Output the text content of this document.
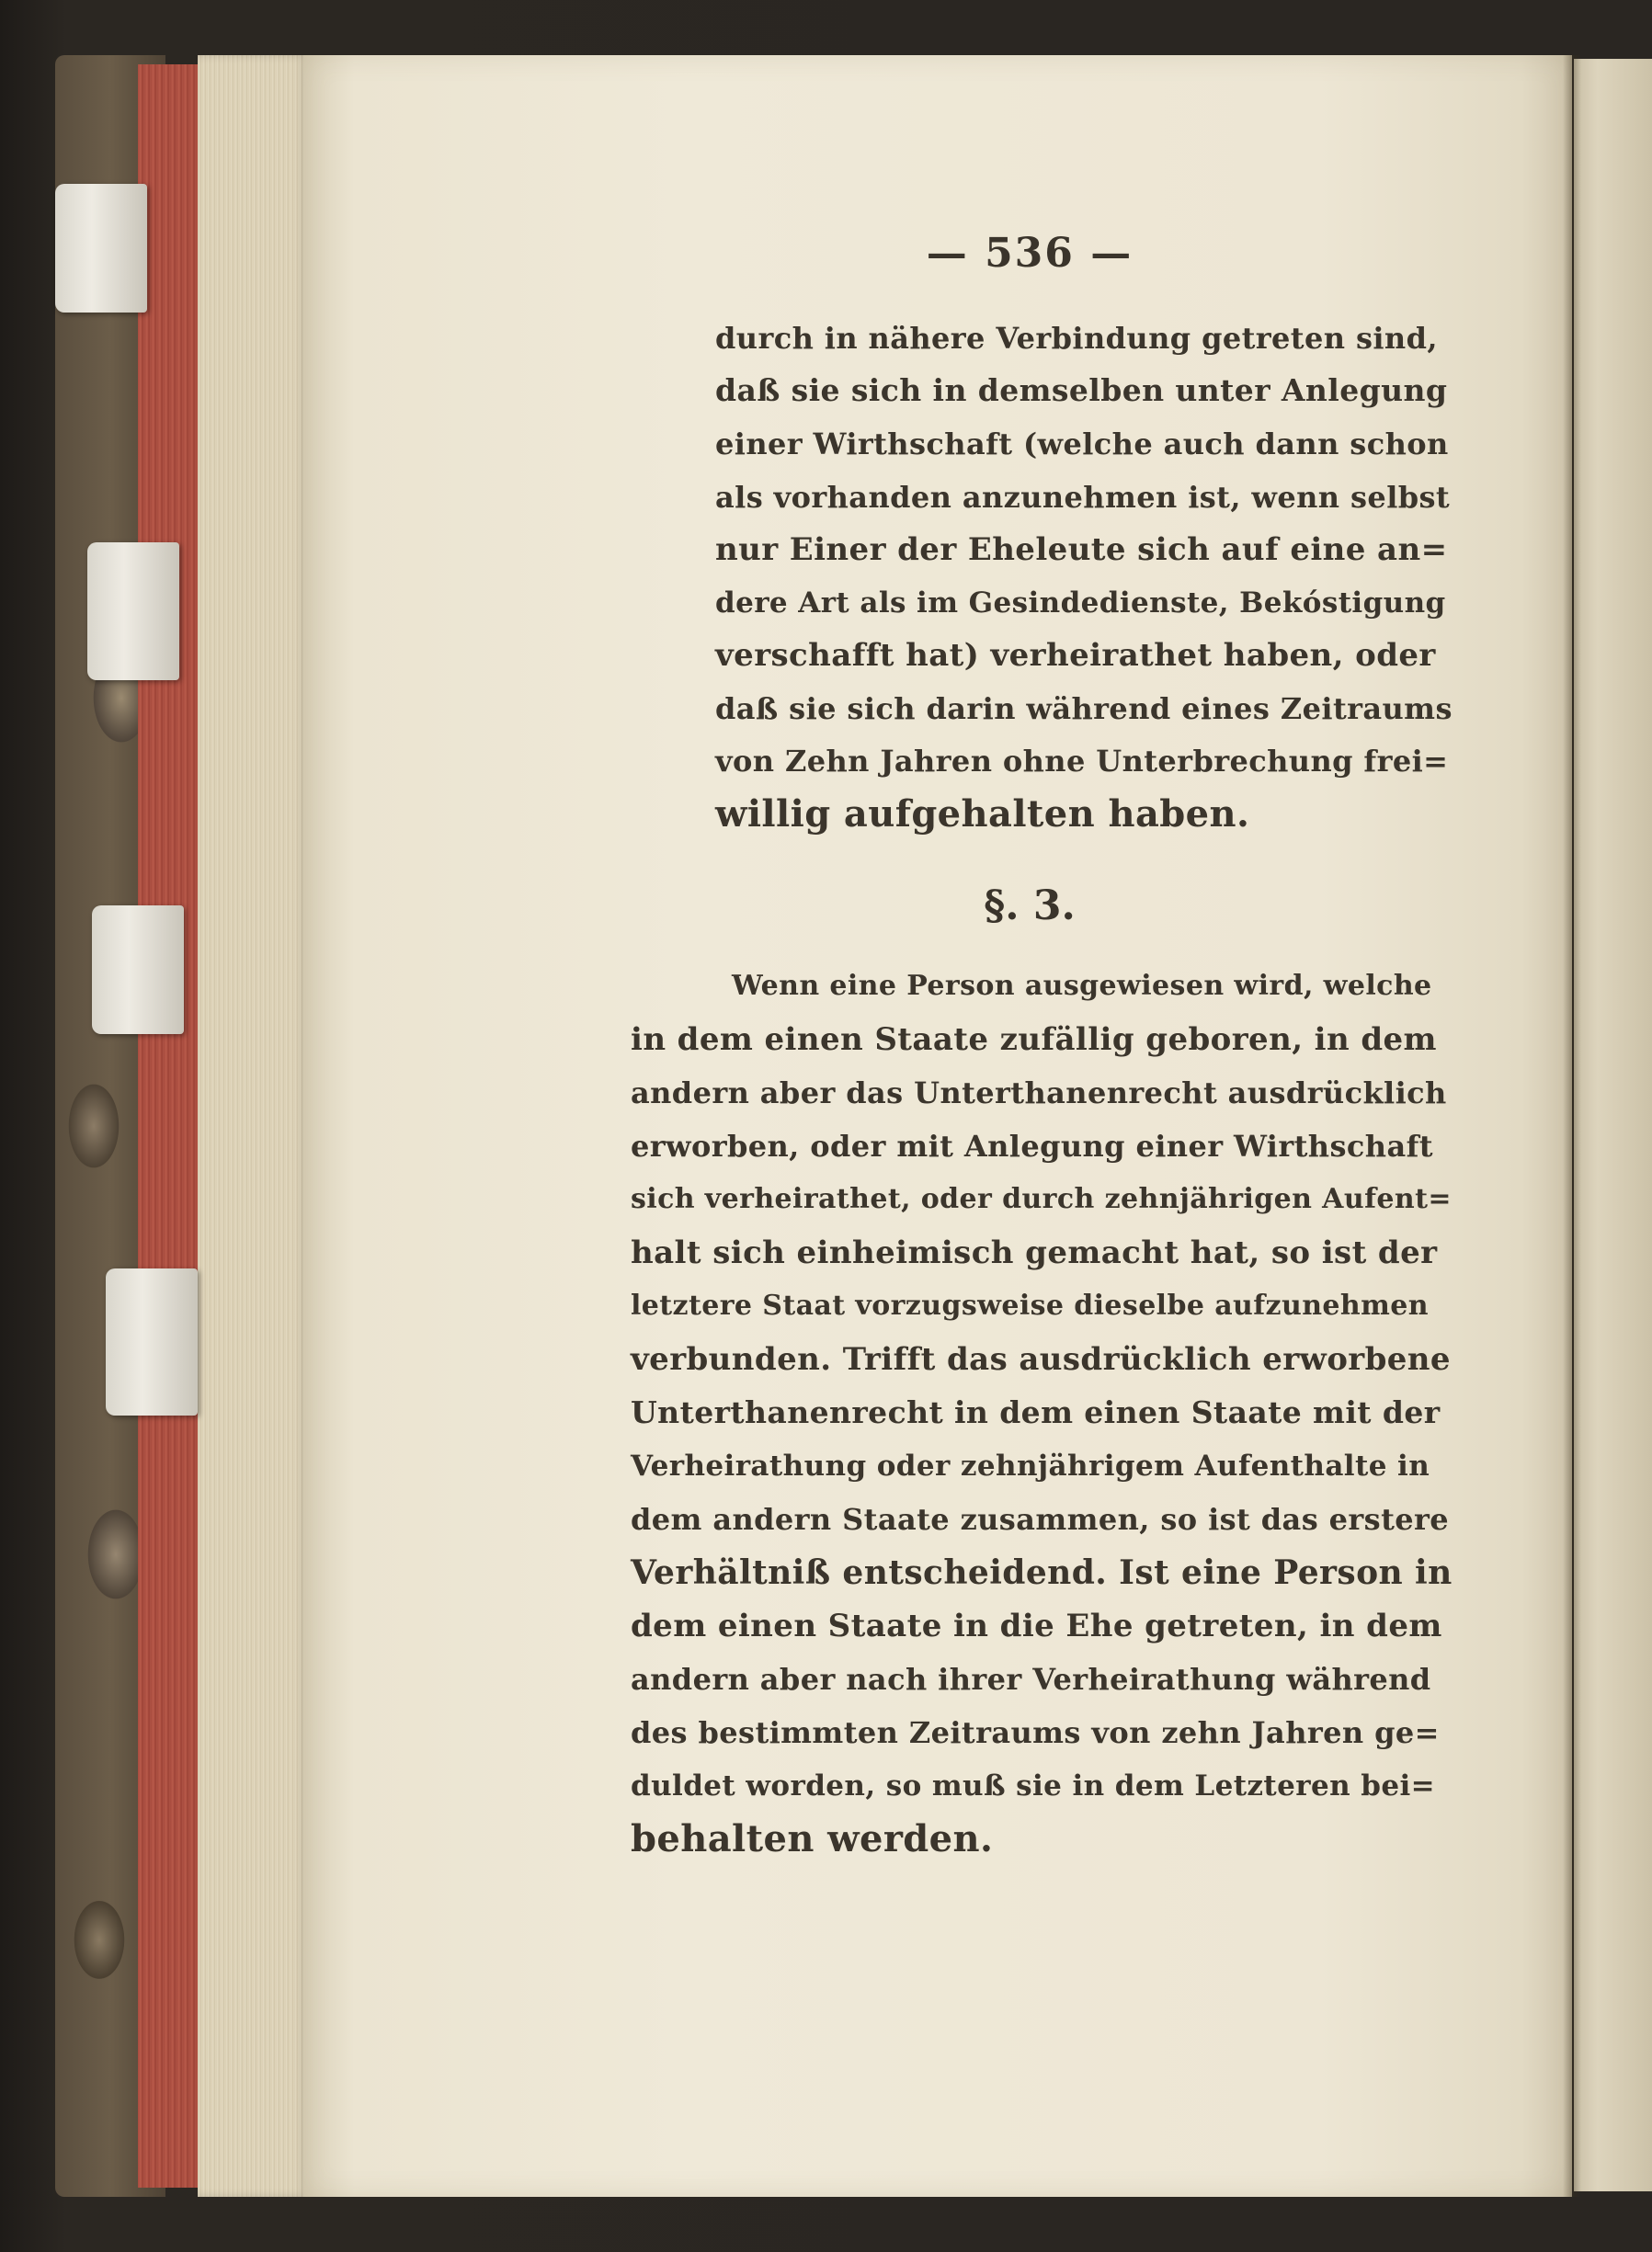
— 536 —
durch in nähere Verbindung getreten sind,
daß sie sich in demselben unter Anlegung
einer Wirthschaft (welche auch dann schon
als vorhanden anzunehmen ist, wenn selbst
nur Einer der Eheleute sich auf eine an=
dere Art als im Gesindedienste, Bekóstigung
verschafft hat) verheirathet haben, oder
daß sie sich darin während eines Zeitraums
von Zehn Jahren ohne Unterbrechung frei=
willig aufgehalten haben.
§. 3.
Wenn eine Person ausgewiesen wird, welche
in dem einen Staate zufällig geboren, in dem
andern aber das Unterthanenrecht ausdrücklich
erworben, oder mit Anlegung einer Wirthschaft
sich verheirathet, oder durch zehnjährigen Aufent=
halt sich einheimisch gemacht hat, so ist der
letztere Staat vorzugsweise dieselbe aufzunehmen
verbunden. Trifft das ausdrücklich erworbene
Unterthanenrecht in dem einen Staate mit der
Verheirathung oder zehnjährigem Aufenthalte in
dem andern Staate zusammen, so ist das erstere
Verhältniß entscheidend. Ist eine Person in
dem einen Staate in die Ehe getreten, in dem
andern aber nach ihrer Verheirathung während
des bestimmten Zeitraums von zehn Jahren ge=
duldet worden, so muß sie in dem Letzteren bei=
behalten werden.
